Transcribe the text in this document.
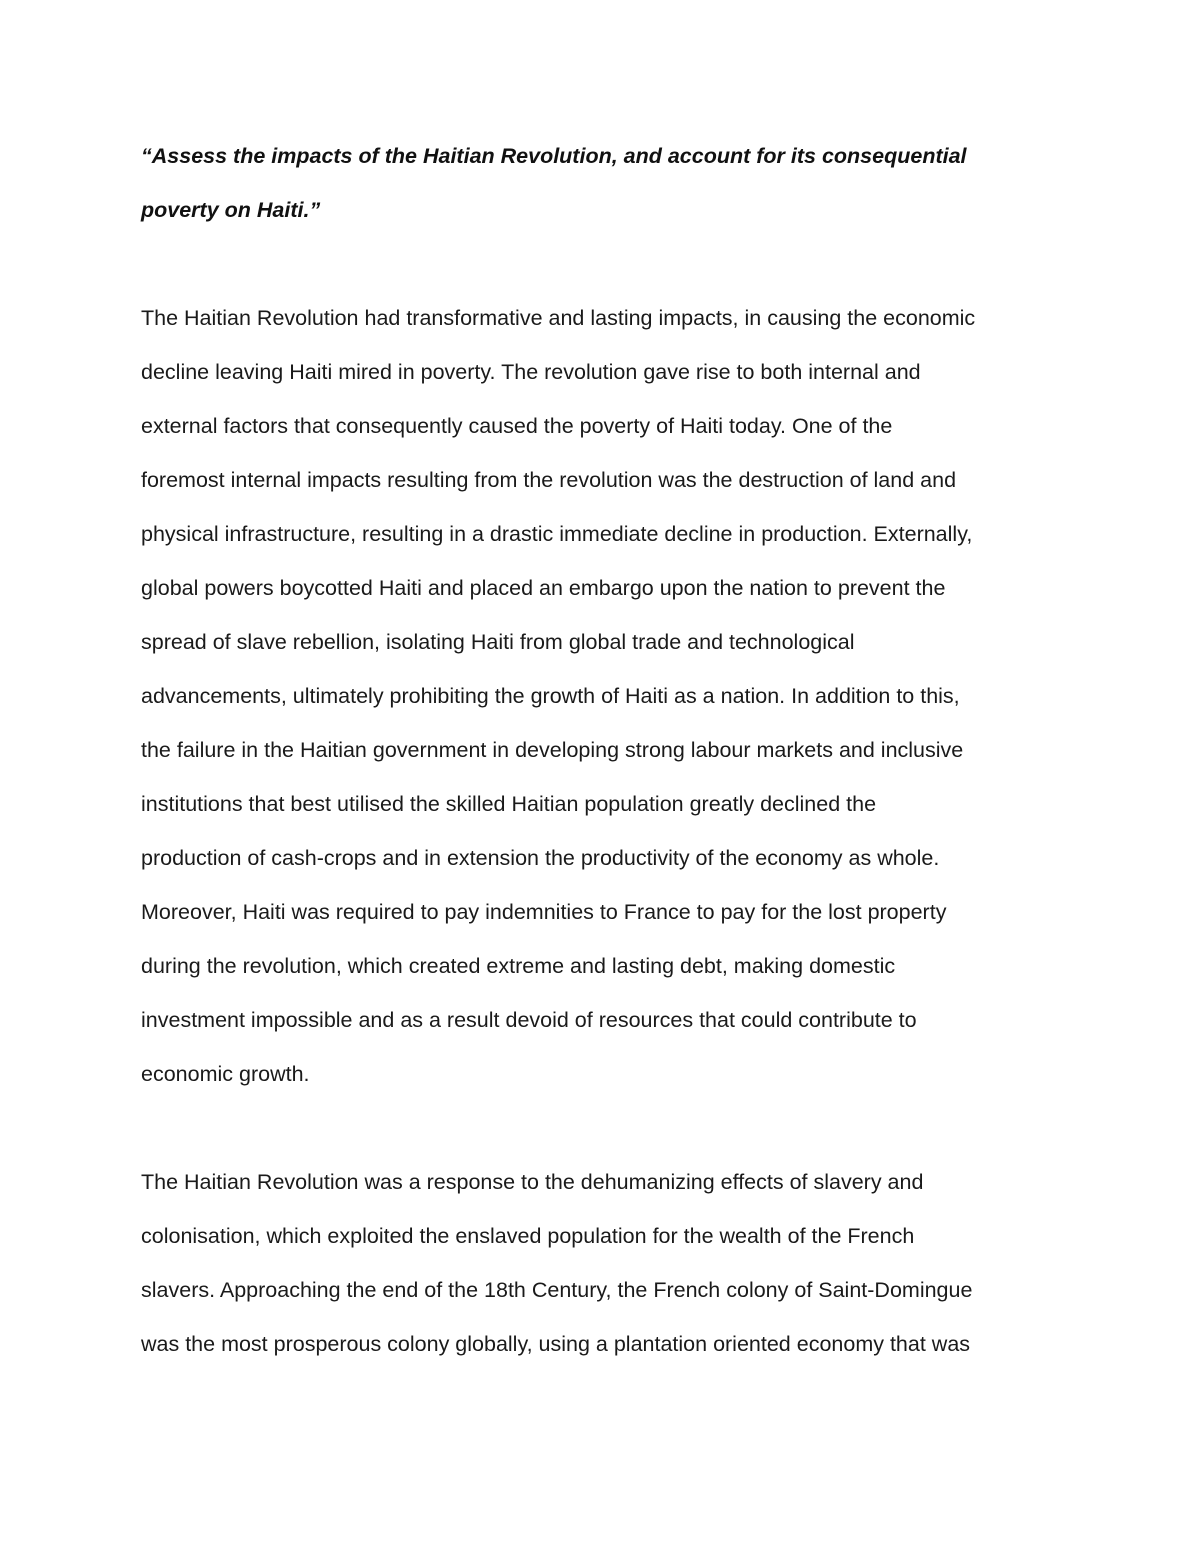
“Assess the impacts of the Haitian Revolution, and account for its consequential

poverty on Haiti.”

The Haitian Revolution had transformative and lasting impacts, in causing the economic

decline leaving Haiti mired in poverty. The revolution gave rise to both internal and

external factors that consequently caused the poverty of Haiti today. One of the

foremost internal impacts resulting from the revolution was the destruction of land and

physical infrastructure, resulting in a drastic immediate decline in production. Externally,

global powers boycotted Haiti and placed an embargo upon the nation to prevent the

spread of slave rebellion, isolating Haiti from global trade and technological

advancements, ultimately prohibiting the growth of Haiti as a nation. In addition to this,

the failure in the Haitian government in developing strong labour markets and inclusive

institutions that best utilised the skilled Haitian population greatly declined the

production of cash-crops and in extension the productivity of the economy as whole.

Moreover, Haiti was required to pay indemnities to France to pay for the lost property

during the revolution, which created extreme and lasting debt, making domestic

investment impossible and as a result devoid of resources that could contribute to

economic growth.

The Haitian Revolution was a response to the dehumanizing effects of slavery and

colonisation, which exploited the enslaved population for the wealth of the French

slavers. Approaching the end of the 18th Century, the French colony of Saint-Domingue

was the most prosperous colony globally, using a plantation oriented economy that was
